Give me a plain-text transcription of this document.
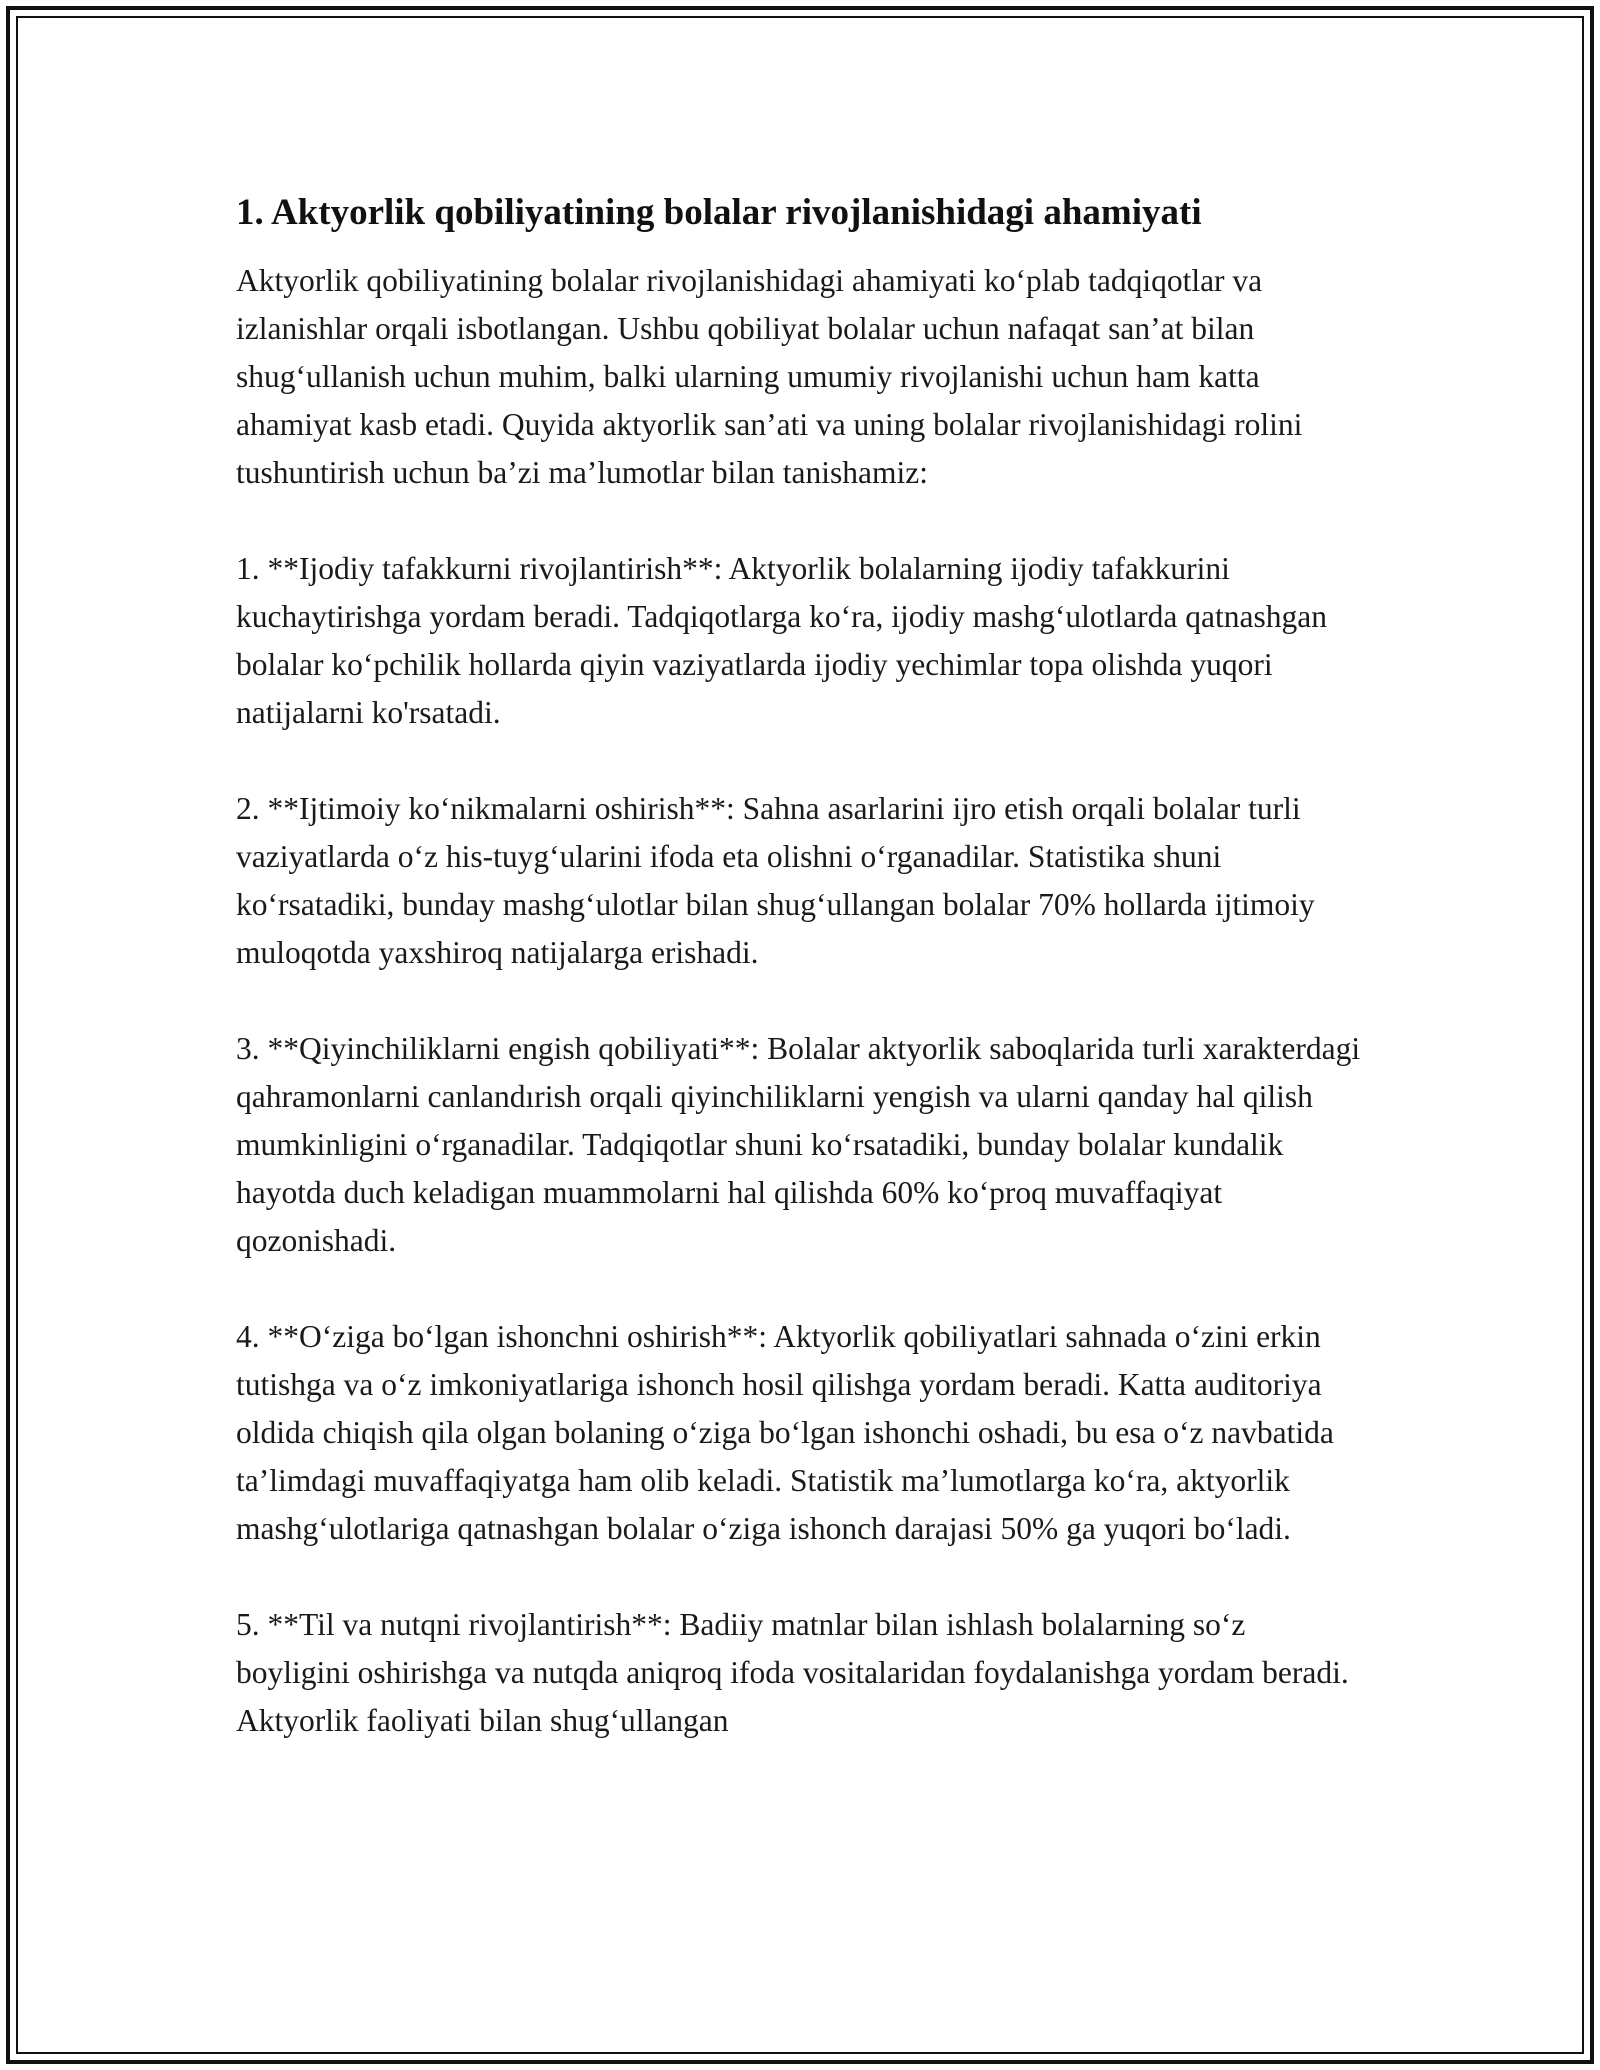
1. Aktyorlik qobiliyatining bolalar rivojlanishidagi ahamiyati

Aktyorlik qobiliyatining bolalar rivojlanishidagi ahamiyati ko‘plab tadqiqotlar va izlanishlar orqali isbotlangan. Ushbu qobiliyat bolalar uchun nafaqat san’at bilan shug‘ullanish uchun muhim, balki ularning umumiy rivojlanishi uchun ham katta ahamiyat kasb etadi. Quyida aktyorlik san’ati va uning bolalar rivojlanishidagi rolini tushuntirish uchun ba’zi ma’lumotlar bilan tanishamiz:

1. **Ijodiy tafakkurni rivojlantirish**: Aktyorlik bolalarning ijodiy tafakkurini kuchaytirishga yordam beradi. Tadqiqotlarga ko‘ra, ijodiy mashg‘ulotlarda qatnashgan bolalar ko‘pchilik hollarda qiyin vaziyatlarda ijodiy yechimlar topa olishda yuqori natijalarni ko'rsatadi.

2. **Ijtimoiy ko‘nikmalarni oshirish**: Sahna asarlarini ijro etish orqali bolalar turli vaziyatlarda o‘z his-tuyg‘ularini ifoda eta olishni o‘rganadilar. Statistika shuni ko‘rsatadiki, bunday mashg‘ulotlar bilan shug‘ullangan bolalar 70% hollarda ijtimoiy muloqotda yaxshiroq natijalarga erishadi.

3. **Qiyinchiliklarni engish qobiliyati**: Bolalar aktyorlik saboqlarida turli xarakterdagi qahramonlarni canlandırish orqali qiyinchiliklarni yengish va ularni qanday hal qilish mumkinligini o‘rganadilar. Tadqiqotlar shuni ko‘rsatadiki, bunday bolalar kundalik hayotda duch keladigan muammolarni hal qilishda 60% ko‘proq muvaffaqiyat qozonishadi.

4. **O‘ziga bo‘lgan ishonchni oshirish**: Aktyorlik qobiliyatlari sahnada o‘zini erkin tutishga va o‘z imkoniyatlariga ishonch hosil qilishga yordam beradi. Katta auditoriya oldida chiqish qila olgan bolaning o‘ziga bo‘lgan ishonchi oshadi, bu esa o‘z navbatida ta’limdagi muvaffaqiyatga ham olib keladi. Statistik ma’lumotlarga ko‘ra, aktyorlik mashg‘ulotlariga qatnashgan bolalar o‘ziga ishonch darajasi 50% ga yuqori bo‘ladi.

5. **Til va nutqni rivojlantirish**: Badiiy matnlar bilan ishlash bolalarning so‘z boyligini oshirishga va nutqda aniqroq ifoda vositalaridan foydalanishga yordam beradi. Aktyorlik faoliyati bilan shug‘ullangan
